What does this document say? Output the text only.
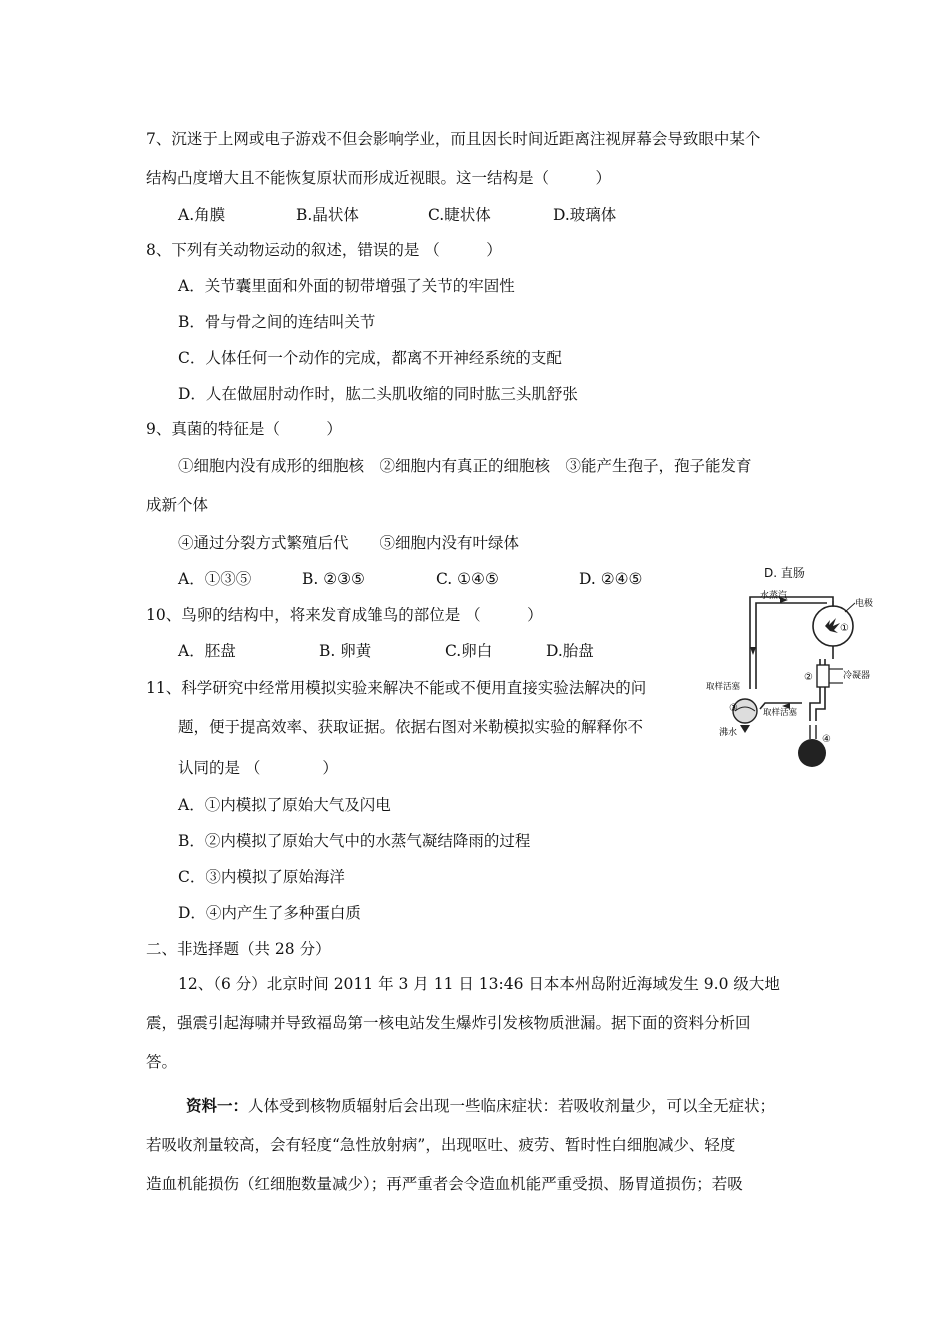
7、沉迷于上网或电子游戏不但会影响学业，而且因长时间近距离注视屏幕会导致眼中某个
结构凸度增大且不能恢复原状而形成近视眼。这一结构是（　　　）
A.角膜	B.晶状体	C.睫状体	D.玻璃体
8、下列有关动物运动的叙述，错误的是 （　　　）
A．关节囊里面和外面的韧带增强了关节的牢固性
B．骨与骨之间的连结叫关节
C．人体任何一个动作的完成，都离不开神经系统的支配
D．人在做屈肘动作时，肱二头肌收缩的同时肱三头肌舒张
9、真菌的特征是（　　　）
①细胞内没有成形的细胞核　②细胞内有真正的细胞核　③能产生孢子，孢子能发育
成新个体
④通过分裂方式繁殖后代　　⑤细胞内没有叶绿体
A．①③⑤	B. ②③⑤	C. ①④⑤	D. ②④⑤	D. 直肠
10、鸟卵的结构中，将来发育成雏鸟的部位是 （　　　）
A．胚盘	B. 卵黄	C.卵白	D.胎盘
11、科学研究中经常用模拟实验来解决不能或不便用直接实验法解决的问
题，便于提高效率、获取证据。依据右图对米勒模拟实验的解释你不
认同的是 （　　　　）
A．①内模拟了原始大气及闪电
B．②内模拟了原始大气中的水蒸气凝结降雨的过程
C．③内模拟了原始海洋
D．④内产生了多种蛋白质
水蒸汽
电极
冷凝器
取样活塞
取样活塞
沸水
①
②
③
④
二、非选择题（共 28 分）
12、（6 分）北京时间 2011 年 3 月 11 日 13:46 日本本州岛附近海域发生 9.0 级大地
震，强震引起海啸并导致福岛第一核电站发生爆炸引发核物质泄漏。据下面的资料分析回
答。
资料一：人体受到核物质辐射后会出现一些临床症状：若吸收剂量少，可以全无症状；
若吸收剂量较高，会有轻度“急性放射病”，出现呕吐、疲劳、暂时性白细胞减少、轻度
造血机能损伤（红细胞数量减少）；再严重者会令造血机能严重受损、肠胃道损伤；若吸
